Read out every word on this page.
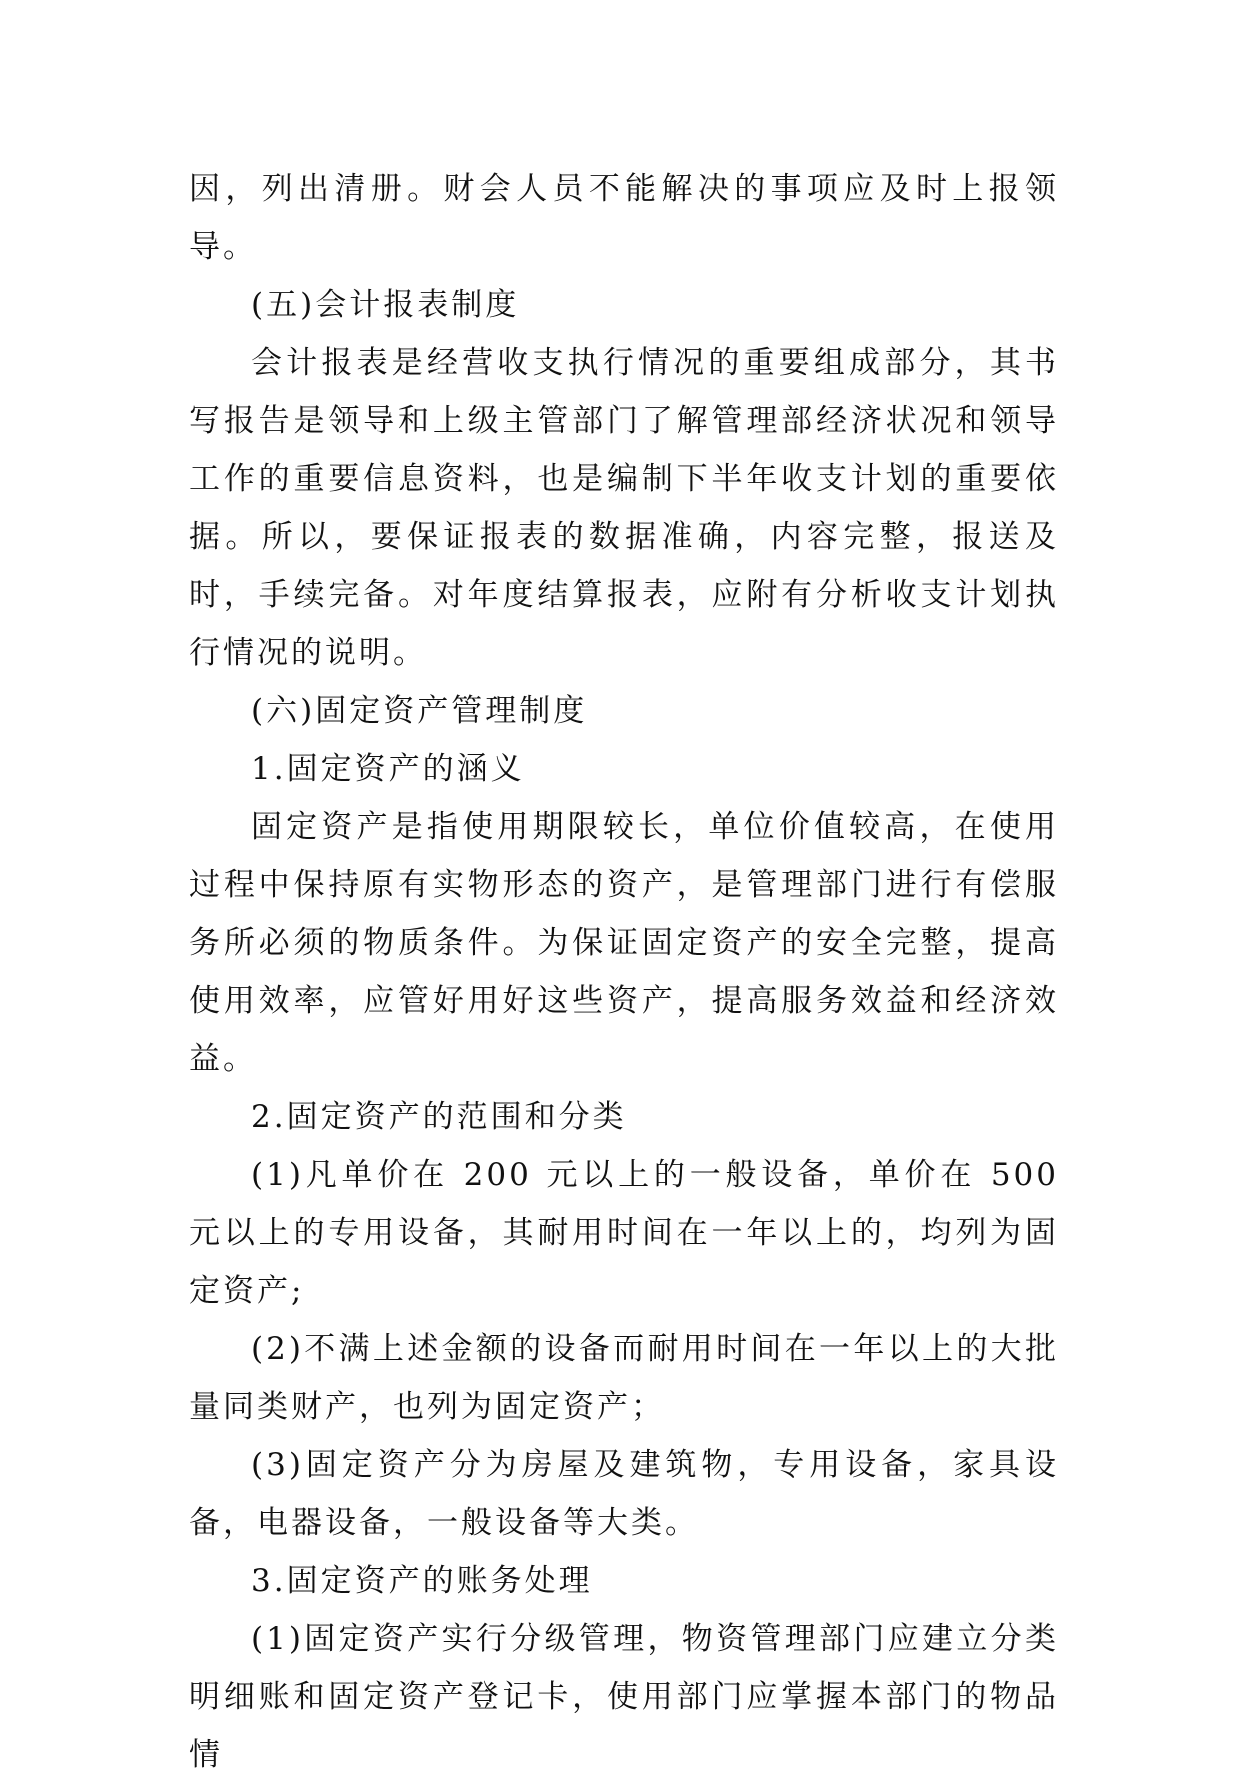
因，列出清册。财会人员不能解决的事项应及时上报领导。

(五)会计报表制度

会计报表是经营收支执行情况的重要组成部分，其书写报告是领导和上级主管部门了解管理部经济状况和领导工作的重要信息资料，也是编制下半年收支计划的重要依据。所以，要保证报表的数据准确，内容完整，报送及时，手续完备。对年度结算报表，应附有分析收支计划执行情况的说明。

(六)固定资产管理制度

1.固定资产的涵义

固定资产是指使用期限较长，单位价值较高，在使用过程中保持原有实物形态的资产，是管理部门进行有偿服务所必须的物质条件。为保证固定资产的安全完整，提高使用效率，应管好用好这些资产，提高服务效益和经济效益。

2.固定资产的范围和分类

(1)凡单价在 200 元以上的一般设备，单价在 500 元以上的专用设备，其耐用时间在一年以上的，均列为固定资产;

(2)不满上述金额的设备而耐用时间在一年以上的大批量同类财产，也列为固定资产；

(3)固定资产分为房屋及建筑物，专用设备，家具设备，电器设备，一般设备等大类。

3.固定资产的账务处理

(1)固定资产实行分级管理，物资管理部门应建立分类明细账和固定资产登记卡，使用部门应掌握本部门的物品情
